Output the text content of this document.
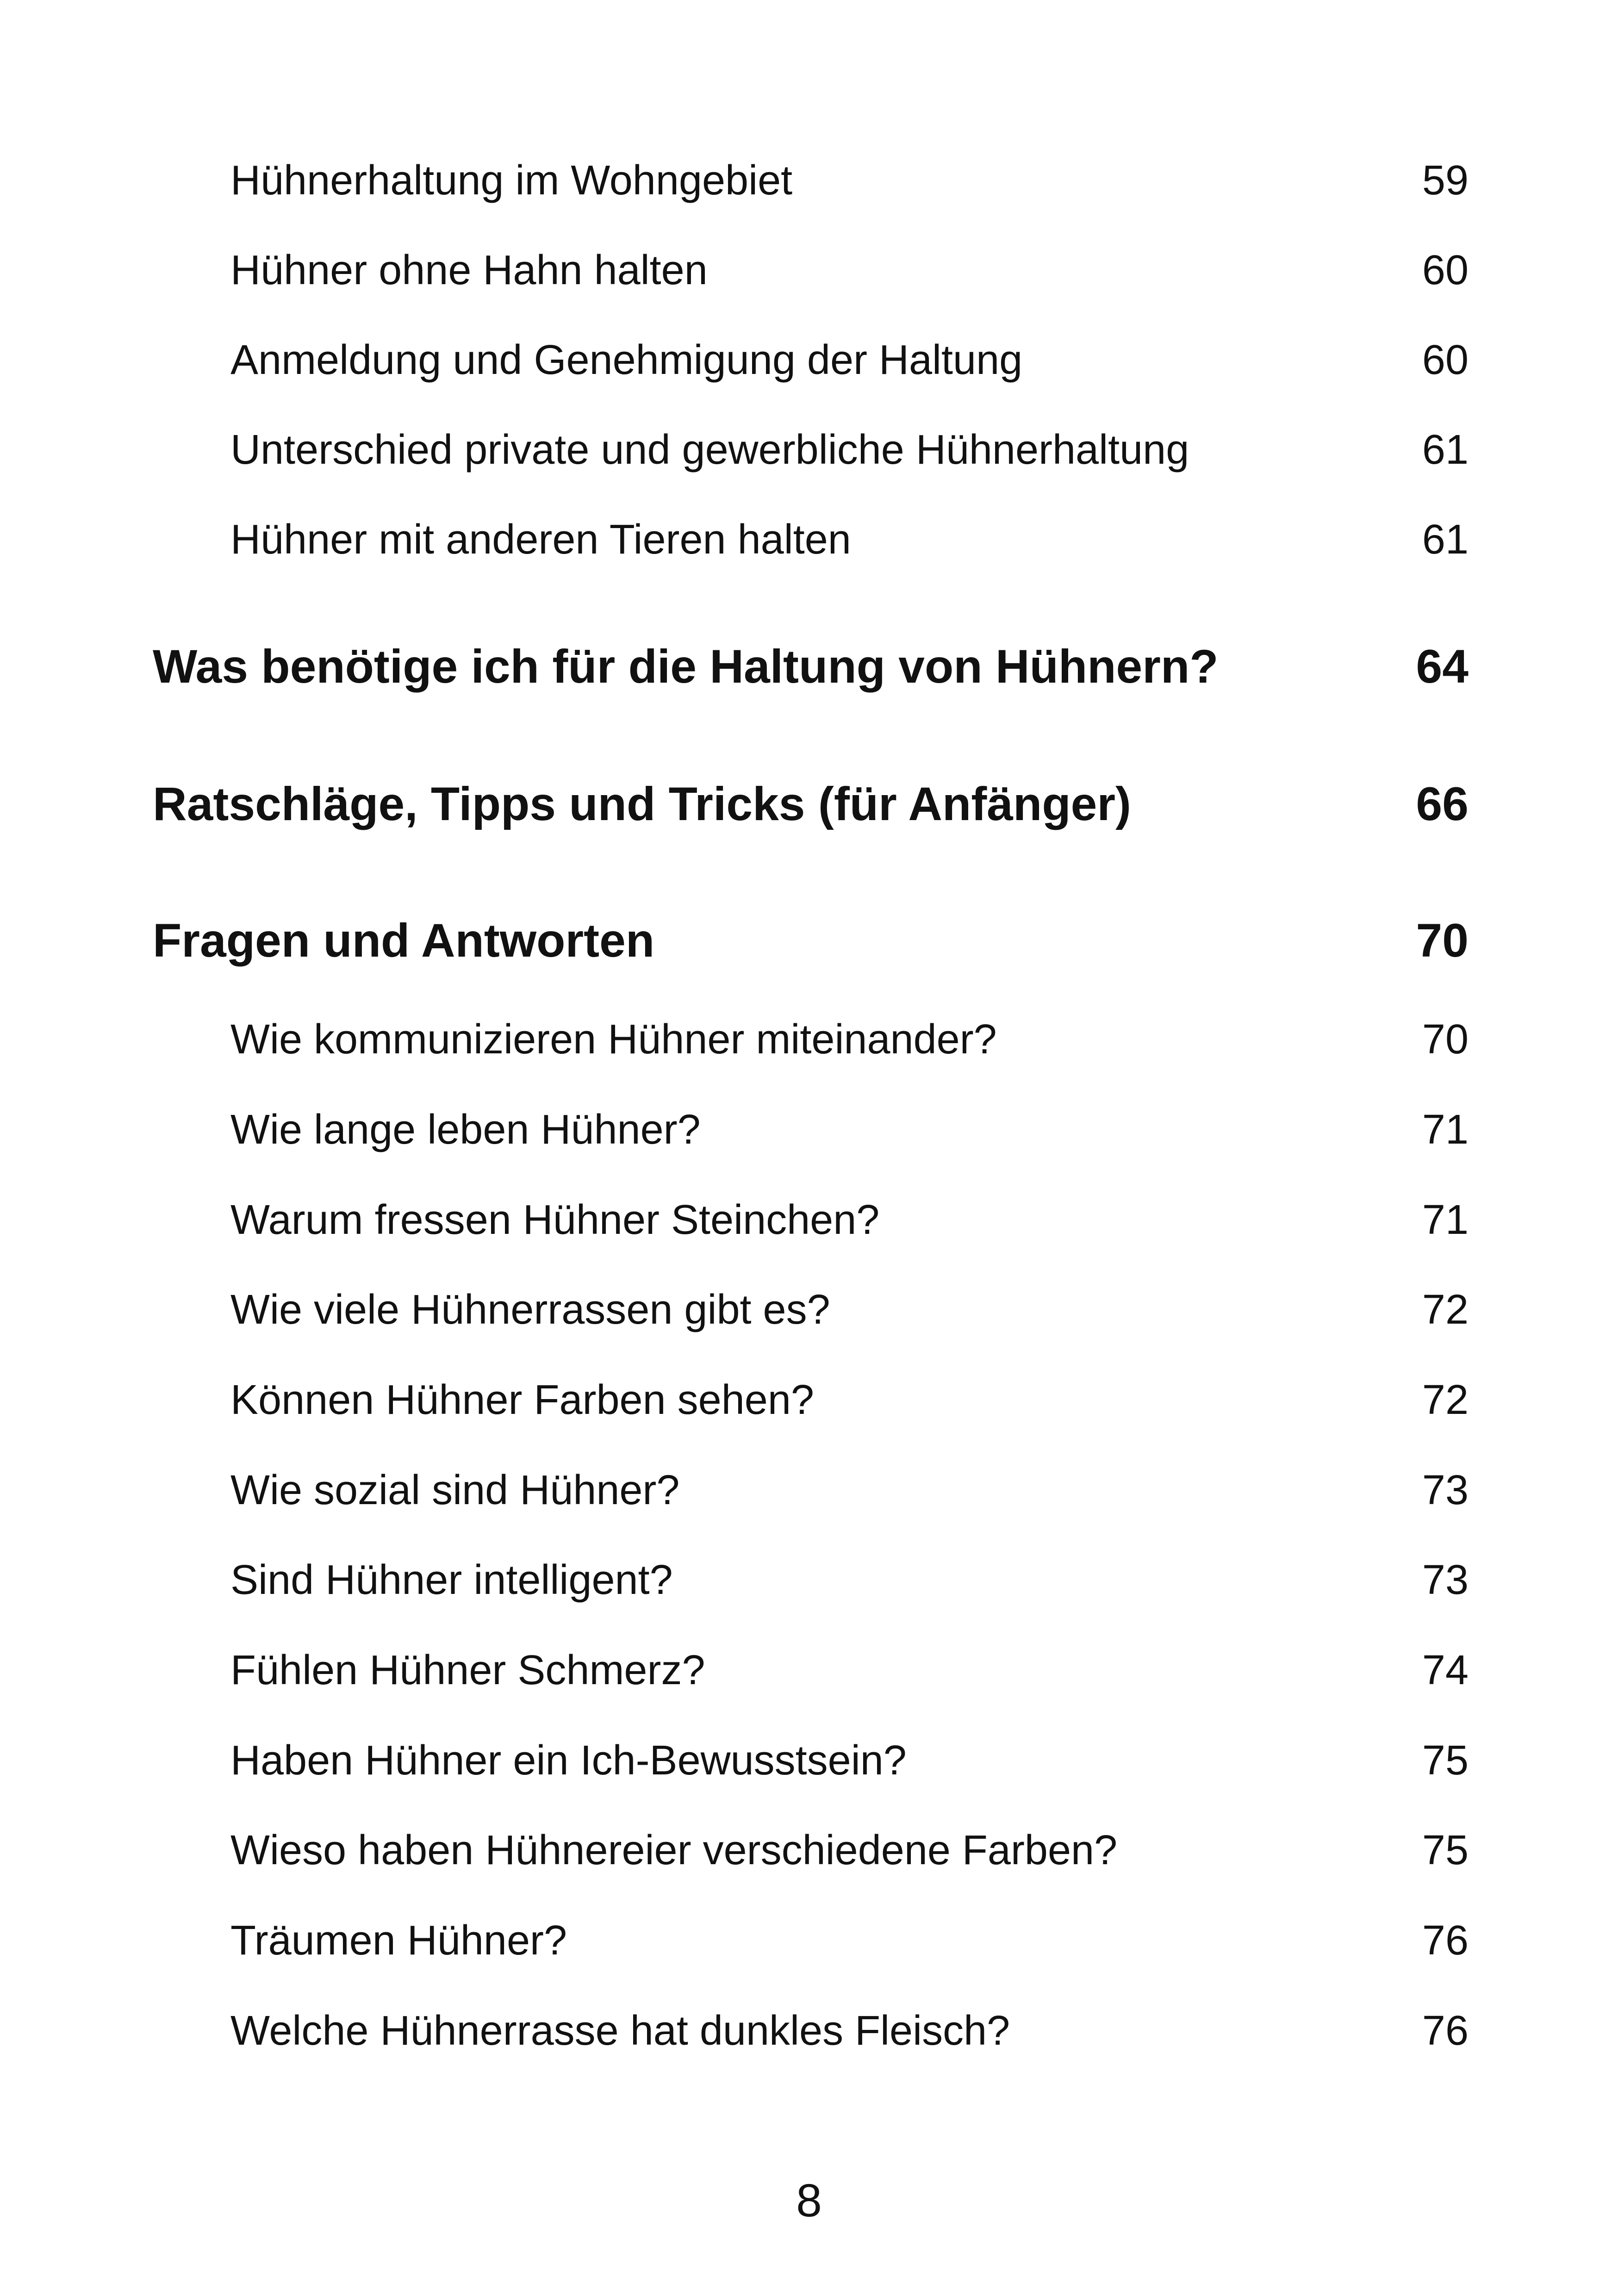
Hühnerhaltung im Wohngebiet	59
Hühner ohne Hahn halten	60
Anmeldung und Genehmigung der Haltung	60
Unterschied private und gewerbliche Hühnerhaltung	61
Hühner mit anderen Tieren halten	61
Was benötige ich für die Haltung von Hühnern?	64
Ratschläge, Tipps und Tricks (für Anfänger)	66
Fragen und Antworten	70
Wie kommunizieren Hühner miteinander?	70
Wie lange leben Hühner?	71
Warum fressen Hühner Steinchen?	71
Wie viele Hühnerrassen gibt es?	72
Können Hühner Farben sehen?	72
Wie sozial sind Hühner?	73
Sind Hühner intelligent?	73
Fühlen Hühner Schmerz?	74
Haben Hühner ein Ich-Bewusstsein?	75
Wieso haben Hühnereier verschiedene Farben?	75
Träumen Hühner?	76
Welche Hühnerrasse hat dunkles Fleisch?	76
8
